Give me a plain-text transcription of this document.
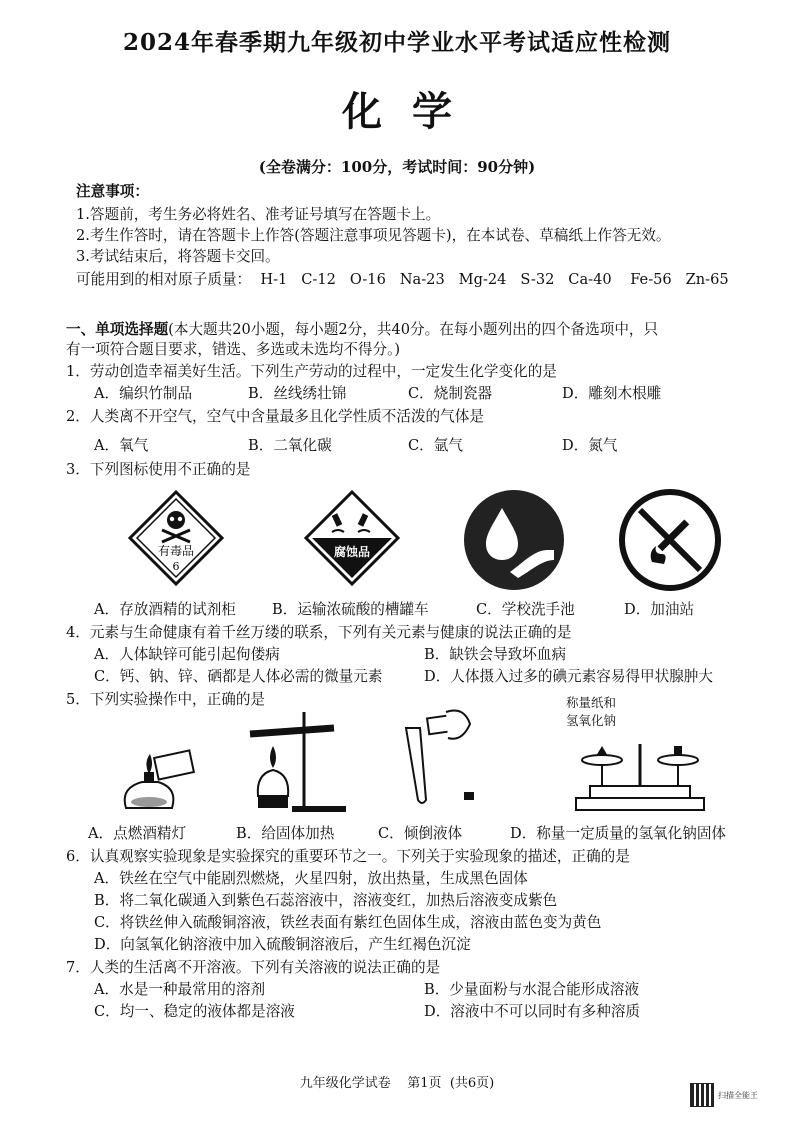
2024年春季期九年级初中学业水平考试适应性检测
化学
(全卷满分：100分，考试时间：90分钟)
注意事项：
1.答题前，考生务必将姓名、准考证号填写在答题卡上。
2.考生作答时，请在答题卡上作答(答题注意事项见答题卡)，在本试卷、草稿纸上作答无效。
3.考试结束后，将答题卡交回。
可能用到的相对原子质量：  H-1   C-12   O-16   Na-23   Mg-24   S-32   Ca-40    Fe-56   Zn-65
一、单项选择题(本大题共20小题，每小题2分，共40分。在每小题列出的四个备选项中，只
有一项符合题目要求，错选、多选或未选均不得分。)
1．劳动创造幸福美好生活。下列生产劳动的过程中，一定发生化学变化的是
A．编织竹制品	B．丝线绣壮锦	C．烧制瓷器	D．雕刻木根雕
2．人类离不开空气，空气中含量最多且化学性质不活泼的气体是
A．氧气	B．二氧化碳	C．氩气	D．氮气
3．下列图标使用不正确的是
有毒品
6
腐蚀品
A．存放酒精的试剂柜 B．运输浓硫酸的槽罐车	C．学校洗手池	D．加油站
4．元素与生命健康有着千丝万缕的联系，下列有关元素与健康的说法正确的是
A．人体缺锌可能引起佝偻病	B．缺铁会导致坏血病
C．钙、钠、锌、硒都是人体必需的微量元素	D．人体摄入过多的碘元素容易得甲状腺肿大
5．下列实验操作中，正确的是	称量纸和
氢氧化钠
A．点燃酒精灯	B．给固体加热	C．倾倒液体	D．称量一定质量的氢氧化钠固体
6．认真观察实验现象是实验探究的重要环节之一。下列关于实验现象的描述，正确的是
A．铁丝在空气中能剧烈燃烧，火星四射，放出热量，生成黑色固体
B．将二氧化碳通入到紫色石蕊溶液中，溶液变红，加热后溶液变成紫色
C．将铁丝伸入硫酸铜溶液，铁丝表面有紫红色固体生成，溶液由蓝色变为黄色
D．向氢氧化钠溶液中加入硫酸铜溶液后，产生红褐色沉淀
7．人类的生活离不开溶液。下列有关溶液的说法正确的是
A．水是一种最常用的溶剂	B．少量面粉与水混合能形成溶液
C．均一、稳定的液体都是溶液	D．溶液中不可以同时有多种溶质
九年级化学试卷    第1页  (共6页)
扫描全能王
